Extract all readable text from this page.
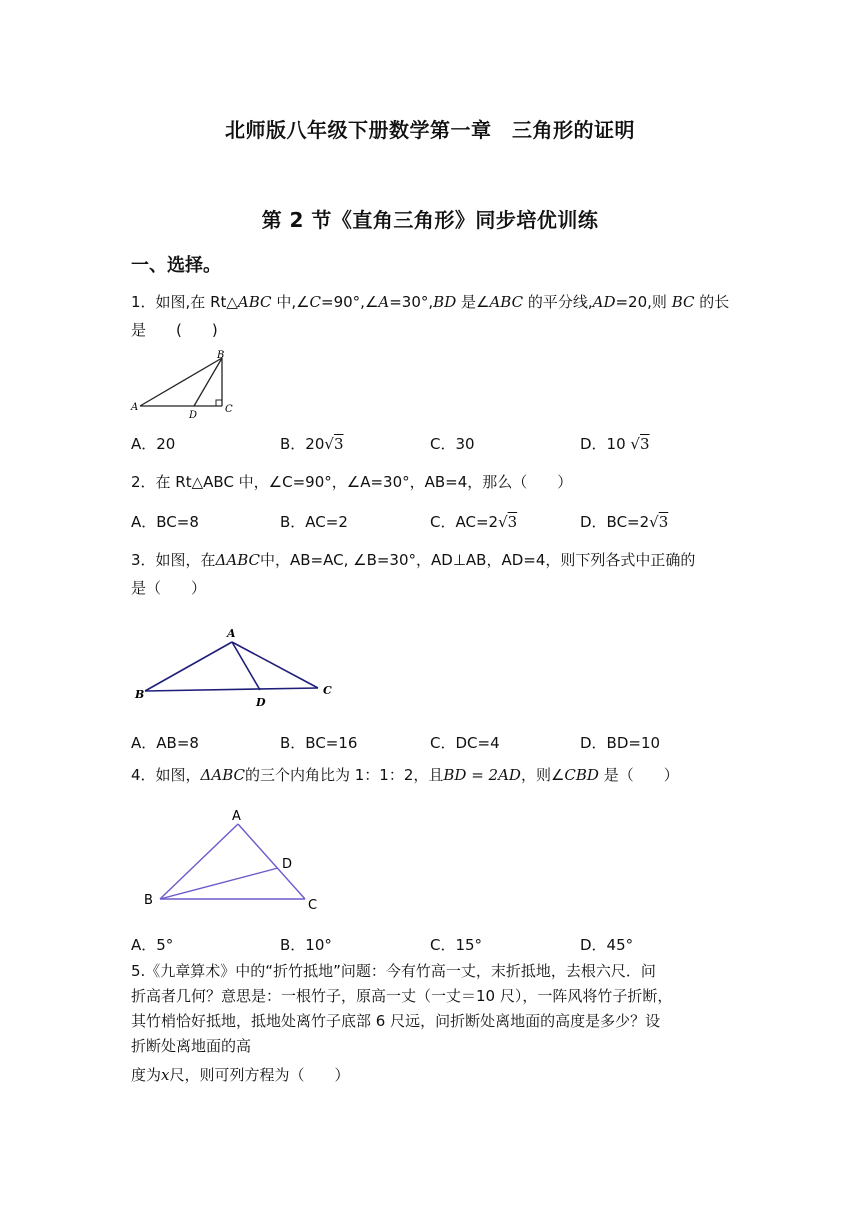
北师版八年级下册数学第一章　三角形的证明
第 2 节《直角三角形》同步培优训练
一、选择。
1．如图,在 Rt△ABC 中,∠C=90°,∠A=30°,BD 是∠ABC 的平分线,AD=20,则 BC 的长
是　　(　　)
A
B
C
D
A．20	B．20√3	C．30	D．10 √3
2．在 Rt△ABC 中，∠C=90°，∠A=30°，AB=4，那么（　　）
A．BC=8	B．AC=2	C．AC=2√3	D．BC=2√3
3．如图，在ΔABC中，AB=AC, ∠B=30°，AD⊥AB，AD=4，则下列各式中正确的
是（　　）
A
B	C
D
A．AB=8	B．BC=16	C．DC=4	D．BD=10
4．如图，ΔABC的三个内角比为 1：1：2，且BD = 2AD，则∠CBD 是（　　）
A
B	C
D
A．5°	B．10°	C．15°	D．45°
5.《九章算术》中的“折竹抵地”问题：今有竹高一丈，末折抵地，去根六尺．问
折高者几何？意思是：一根竹子，原高一丈（一丈＝10 尺），一阵风将竹子折断，
其竹梢恰好抵地，抵地处离竹子底部 6 尺远，问折断处离地面的高度是多少？设
折断处离地面的高
度为x尺，则可列方程为（　　）
